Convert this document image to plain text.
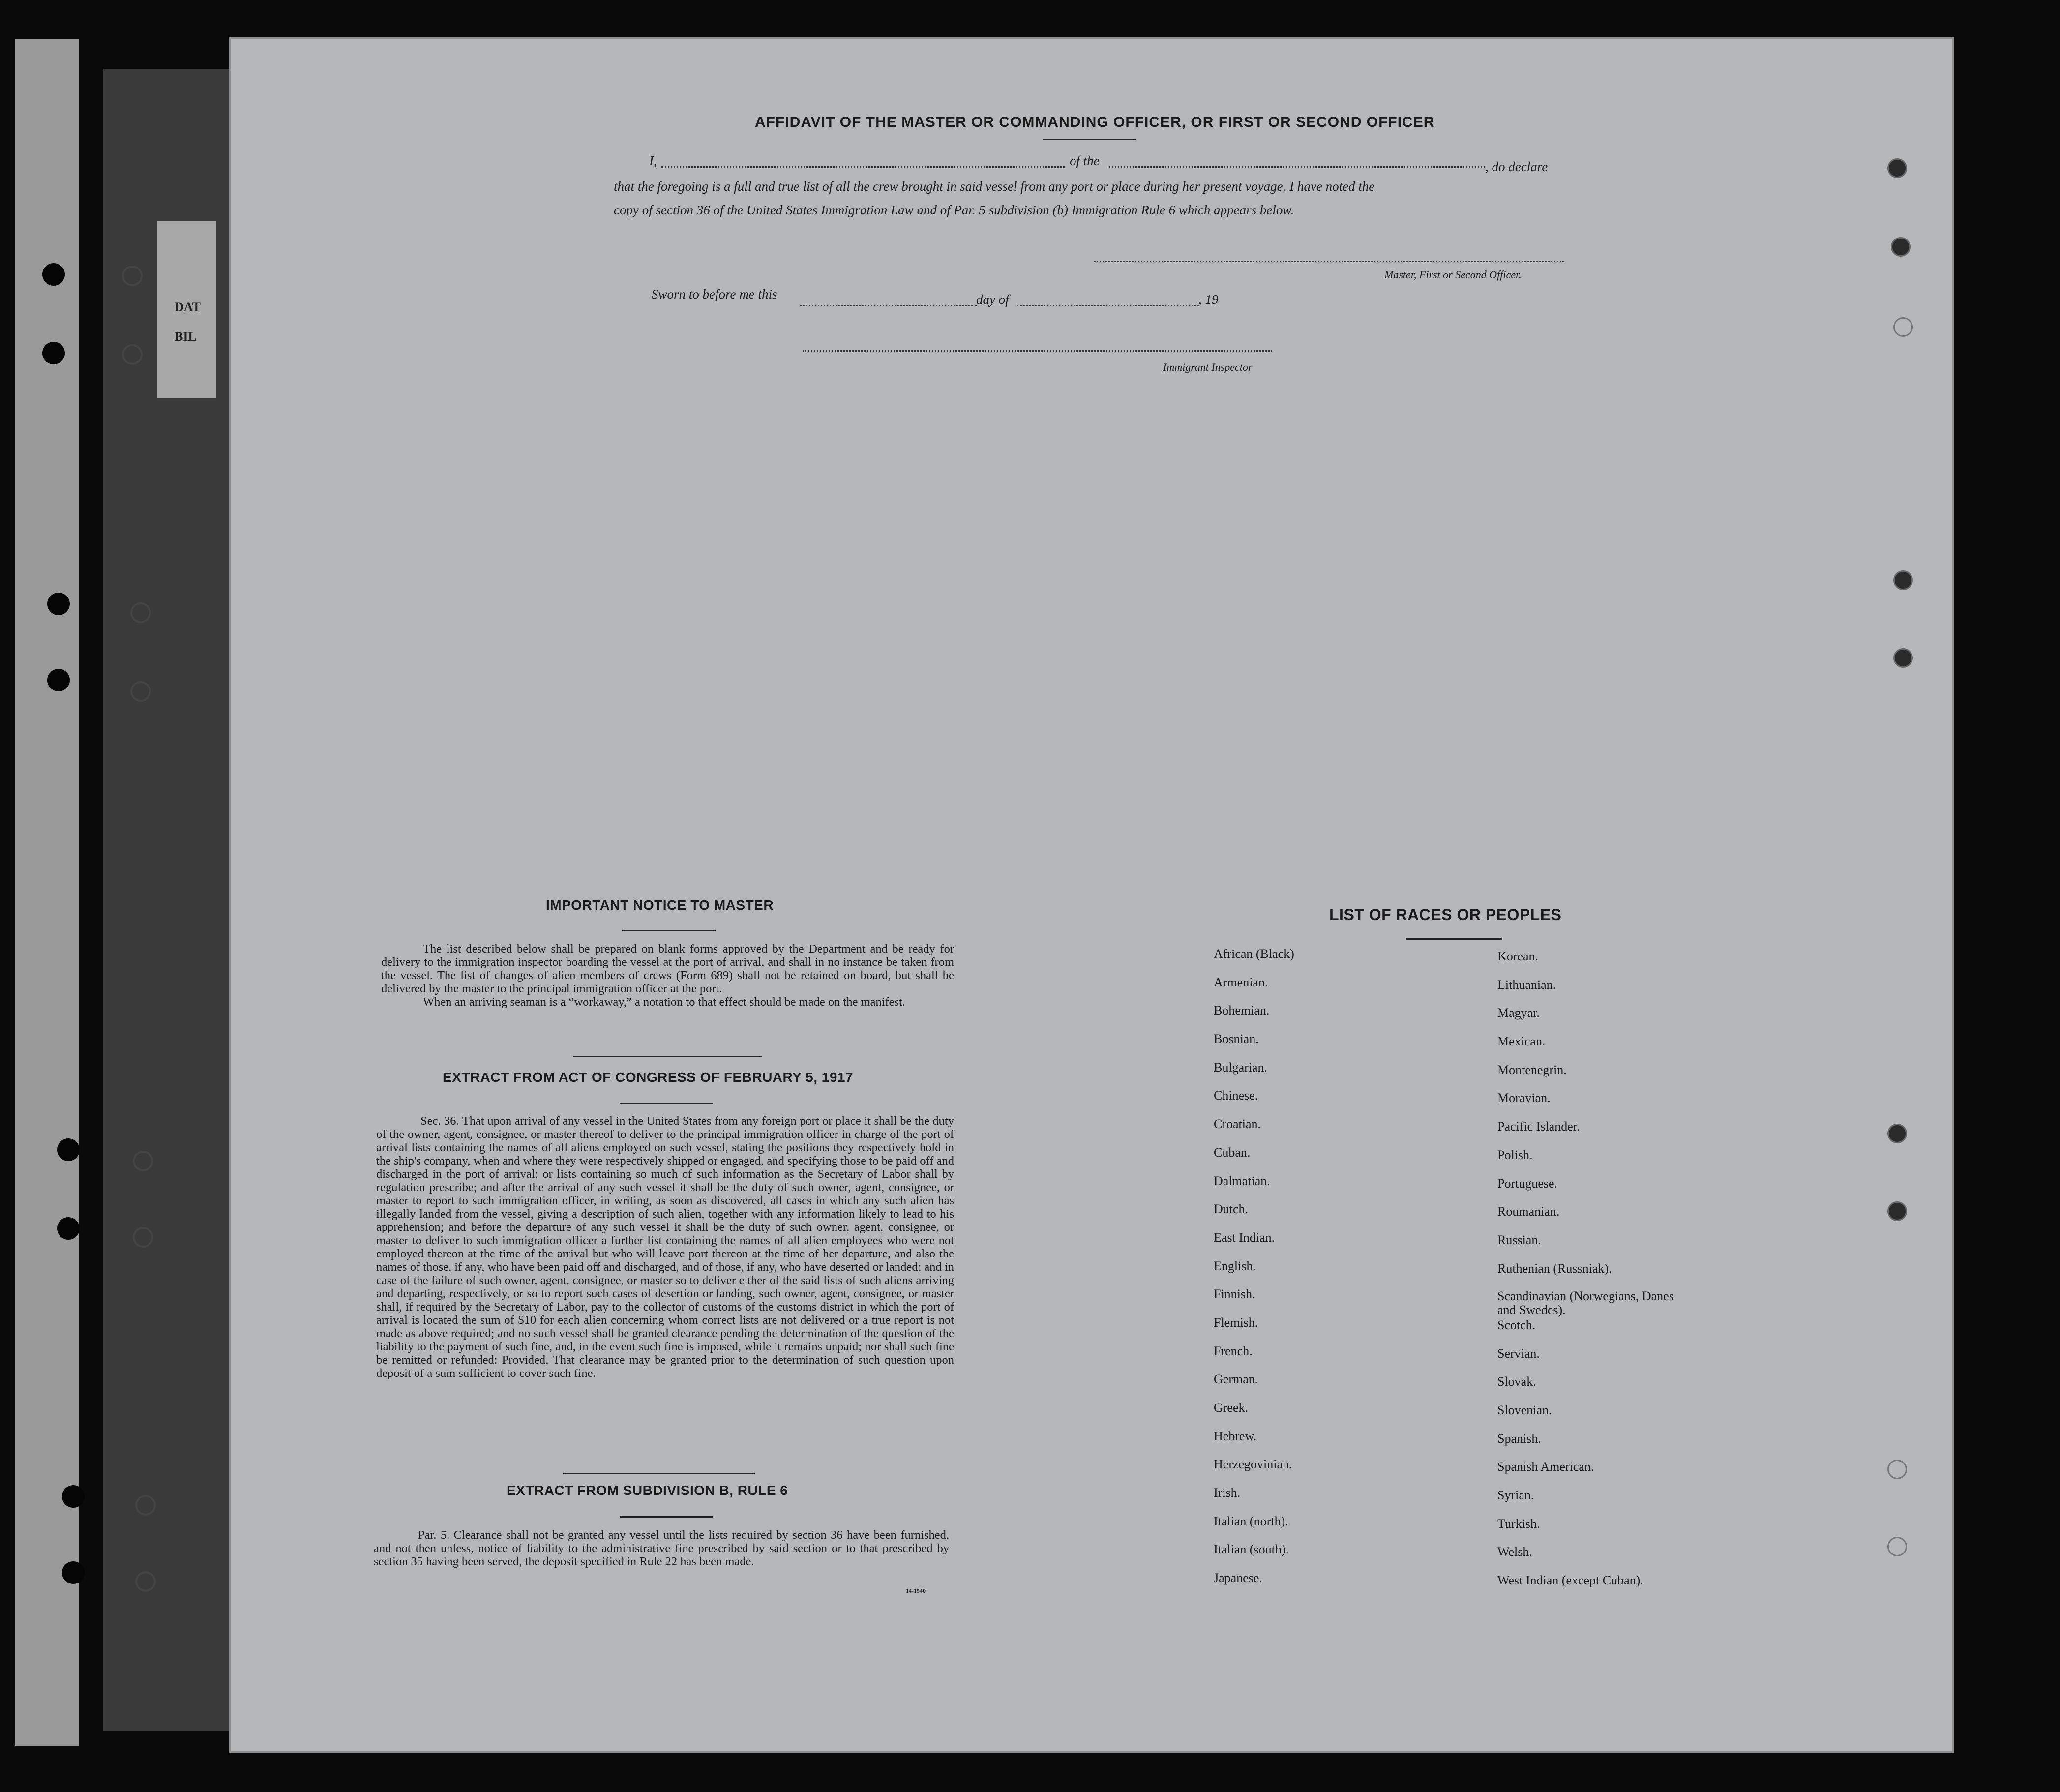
DAT
BIL
AFFIDAVIT OF THE MASTER OR COMMANDING OFFICER, OR FIRST OR SECOND OFFICER
I,	of the	, do declare
that the foregoing is a full and true list of all the crew brought in said vessel from any port or place during her present voyage. I have noted the
copy of section 36 of the United States Immigration Law and of Par. 5 subdivision (b) Immigration Rule 6 which appears below.
Master, First or Second Officer.
Sworn to before me this	day of	, 19
Immigrant Inspector
IMPORTANT NOTICE TO MASTER

The list described below shall be prepared on blank forms approved by the Department and be ready for delivery to the immigration inspector boarding the vessel at the port of arrival, and shall in no instance be taken from the vessel. The list of changes of alien members of crews (Form 689) shall not be retained on board, but shall be delivered by the master to the principal immigration officer at the port.

When an arriving seaman is a “workaway,” a notation to that effect should be made on the manifest.

EXTRACT FROM ACT OF CONGRESS OF FEBRUARY 5, 1917

Sec. 36. That upon arrival of any vessel in the United States from any foreign port or place it shall be the duty of the owner, agent, consignee, or master thereof to deliver to the principal immigration officer in charge of the port of arrival lists containing the names of all aliens employed on such vessel, stating the positions they respectively hold in the ship's company, when and where they were respectively shipped or engaged, and specifying those to be paid off and discharged in the port of arrival; or lists containing so much of such information as the Secretary of Labor shall by regulation prescribe; and after the arrival of any such vessel it shall be the duty of such owner, agent, consignee, or master to report to such immigration officer, in writing, as soon as discovered, all cases in which any such alien has illegally landed from the vessel, giving a description of such alien, together with any information likely to lead to his apprehension; and before the departure of any such vessel it shall be the duty of such owner, agent, consignee, or master to deliver to such immigration officer a further list containing the names of all alien employees who were not employed thereon at the time of the arrival but who will leave port thereon at the time of her departure, and also the names of those, if any, who have been paid off and discharged, and of those, if any, who have deserted or landed; and in case of the failure of such owner, agent, consignee, or master so to deliver either of the said lists of such aliens arriving and departing, respectively, or so to report such cases of desertion or landing, such owner, agent, consignee, or master shall, if required by the Secretary of Labor, pay to the collector of customs of the customs district in which the port of arrival is located the sum of $10 for each alien concerning whom correct lists are not delivered or a true report is not made as above required; and no such vessel shall be granted clearance pending the determination of the question of the liability to the payment of such fine, and, in the event such fine is imposed, while it remains unpaid; nor shall such fine be remitted or refunded: Provided, That clearance may be granted prior to the determination of such question upon deposit of a sum sufficient to cover such fine.

EXTRACT FROM SUBDIVISION B, RULE 6

Par. 5. Clearance shall not be granted any vessel until the lists required by section 36 have been furnished, and not then unless, notice of liability to the administrative fine prescribed by said section or to that prescribed by section 35 having been served, the deposit specified in Rule 22 has been made.

14-1540
LIST OF RACES OR PEOPLES
African (Black)
Armenian.
Bohemian.
Bosnian.
Bulgarian.
Chinese.
Croatian.
Cuban.
Dalmatian.
Dutch.
East Indian.
English.
Finnish.
Flemish.
French.
German.
Greek.
Hebrew.
Herzegovinian.
Irish.
Italian (north).
Italian (south).
Japanese.
Korean.
Lithuanian.
Magyar.
Mexican.
Montenegrin.
Moravian.
Pacific Islander.
Polish.
Portuguese.
Roumanian.
Russian.
Ruthenian (Russniak).
Scandinavian (Norwegians, Danes and Swedes).
Scotch.
Servian.
Slovak.
Slovenian.
Spanish.
Spanish American.
Syrian.
Turkish.
Welsh.
West Indian (except Cuban).
